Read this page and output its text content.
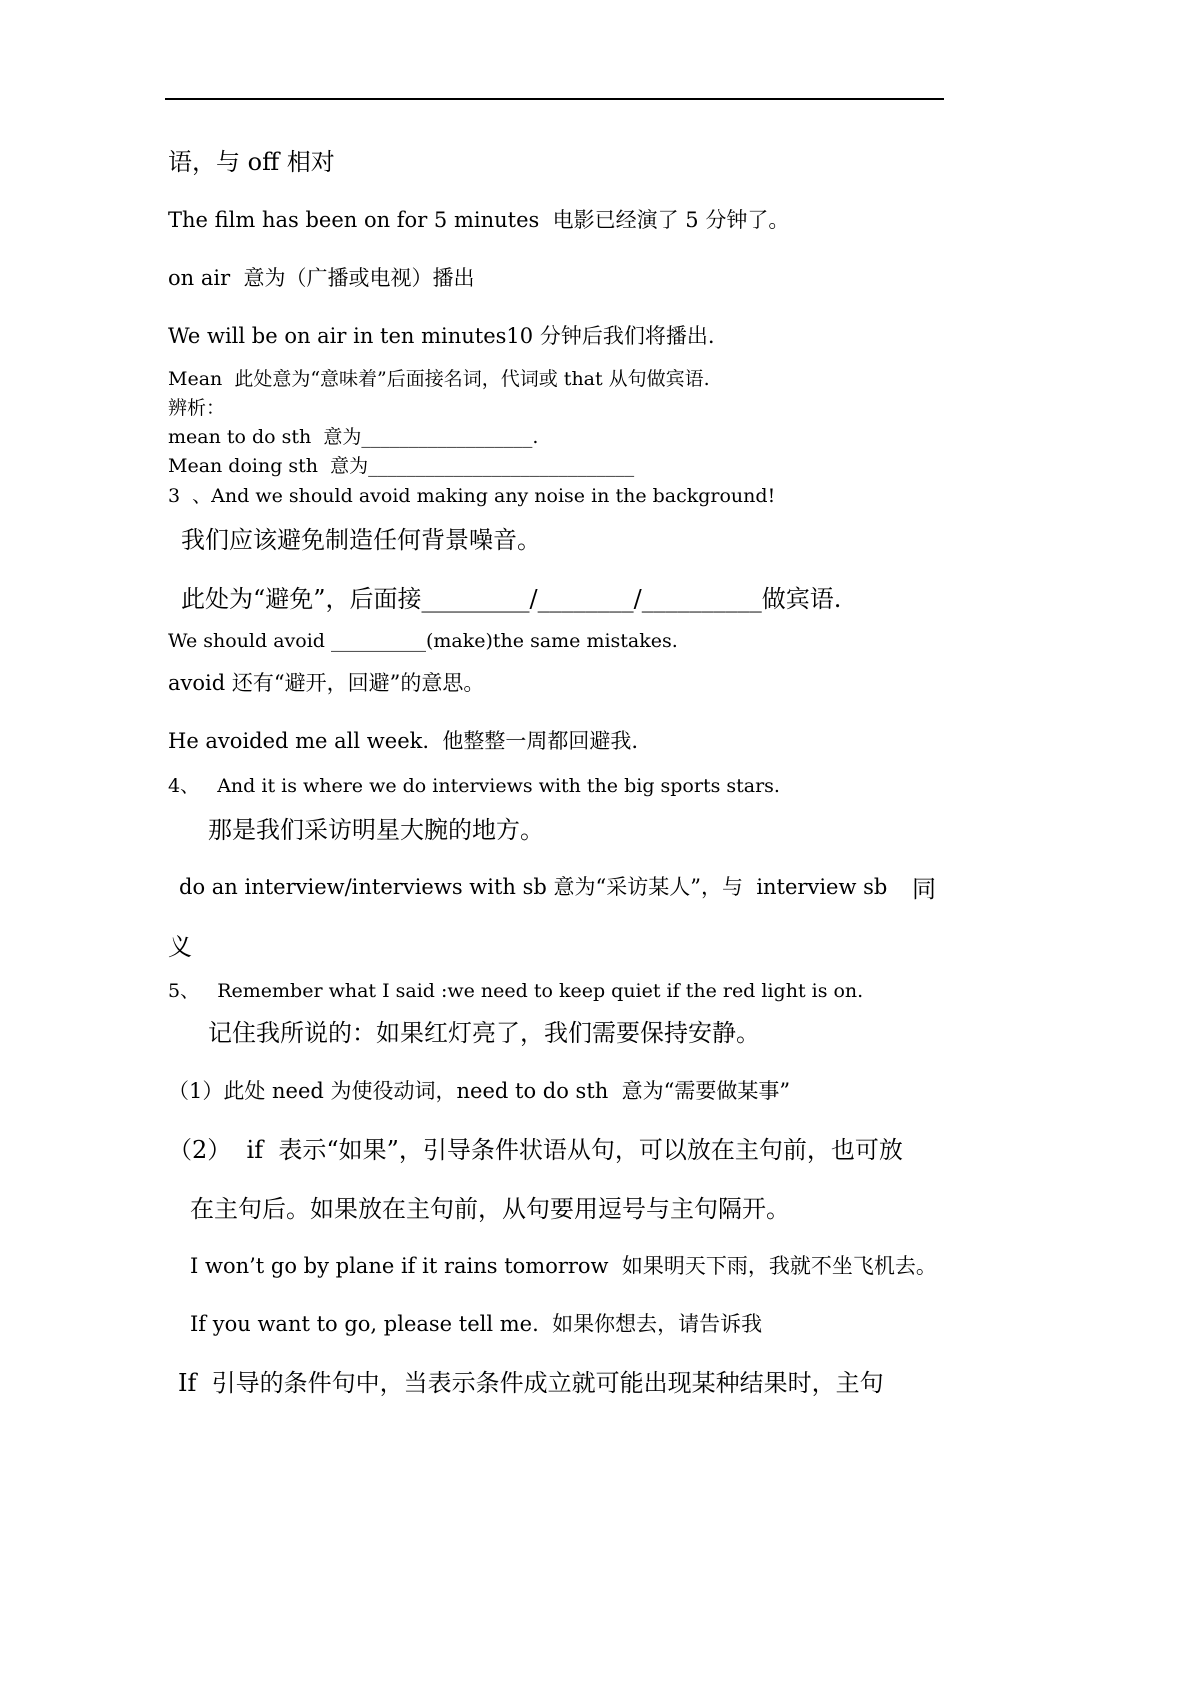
语，与 off 相对
The film has been on for 5 minutes  电影已经演了 5 分钟了。
on air  意为（广播或电视）播出
We will be on air in ten minutes10 分钟后我们将播出.
Mean  此处意为“意味着”后面接名词，代词或 that 从句做宾语.
辨析：
mean to do sth  意为__________________.
Mean doing sth  意为____________________________
3  、And we should avoid making any noise in the background!
我们应该避免制造任何背景噪音。
此处为“避免”，后面接_________/________/__________做宾语.
We should avoid __________(make)the same mistakes.
avoid 还有“避开，回避”的意思。
He avoided me all week.  他整整一周都回避我.
4、   And it is where we do interviews with the big sports stars.
那是我们采访明星大腕的地方。
do an interview/interviews with sb 意为“采访某人”，与  interview sb 同
义
5、   Remember what I said :we need to keep quiet if the red light is on.
记住我所说的：如果红灯亮了，我们需要保持安静。
（1）此处 need 为使役动词，need to do sth  意为“需要做某事”
（2）  if  表示“如果”，引导条件状语从句，可以放在主句前，也可放
在主句后。如果放在主句前，从句要用逗号与主句隔开。
I won’t go by plane if it rains tomorrow  如果明天下雨，我就不坐飞机去。
If you want to go, please tell me.  如果你想去，请告诉我
If  引导的条件句中，当表示条件成立就可能出现某种结果时，主句
